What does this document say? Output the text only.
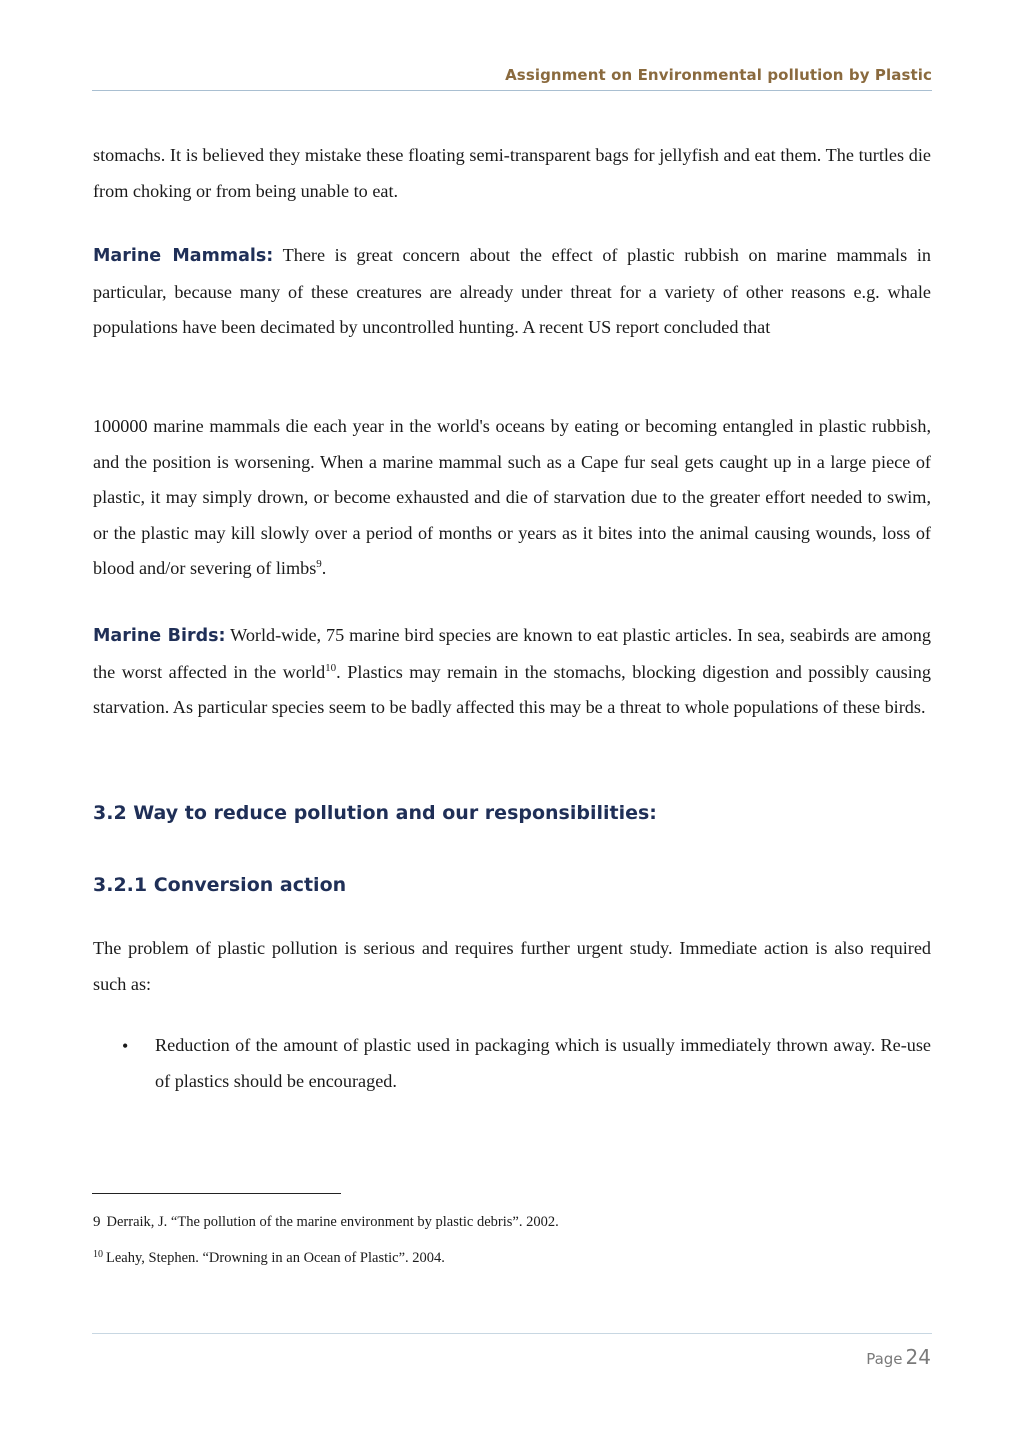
Assignment on Environmental pollution by Plastic
stomachs. It is believed they mistake these floating semi-transparent bags for jellyfish and eat them. The turtles die from choking or from being unable to eat.
Marine Mammals: There is great concern about the effect of plastic rubbish on marine mammals in particular, because many of these creatures are already under threat for a variety of other reasons e.g. whale populations have been decimated by uncontrolled hunting. A recent US report concluded that
100000 marine mammals die each year in the world's oceans by eating or becoming entangled in plastic rubbish, and the position is worsening. When a marine mammal such as a Cape fur seal gets caught up in a large piece of plastic, it may simply drown, or become exhausted and die of starvation due to the greater effort needed to swim, or the plastic may kill slowly over a period of months or years as it bites into the animal causing wounds, loss of blood and/or severing of limbs$^9$.
Marine Birds: World-wide, 75 marine bird species are known to eat plastic articles. In sea, seabirds are among the worst affected in the world$^{10}$. Plastics may remain in the stomachs, blocking digestion and possibly causing starvation. As particular species seem to be badly affected this may be a threat to whole populations of these birds.
3.2 Way to reduce pollution and our responsibilities:
3.2.1 Conversion action
The problem of plastic pollution is serious and requires further urgent study. Immediate action is also required such as:
• Reduction of the amount of plastic used in packaging which is usually immediately thrown away. Re-use of plastics should be encouraged.
9 Derraik, J. “The pollution of the marine environment by plastic debris”. 2002.
$^{10}$ Leahy, Stephen. “Drowning in an Ocean of Plastic”. 2004.
Page 24
